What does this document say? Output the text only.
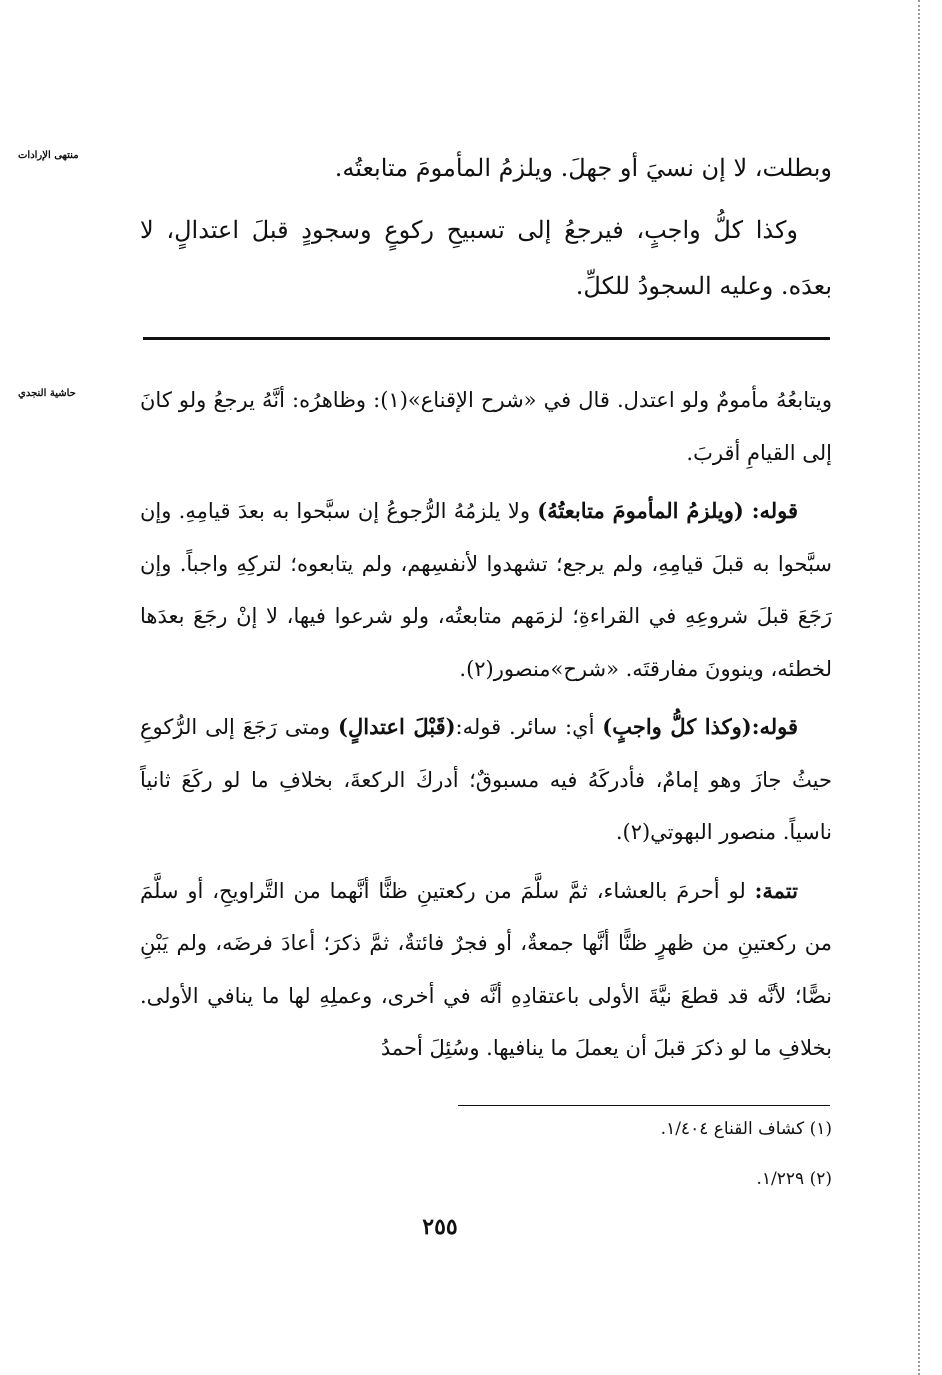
منتهى الإرادات
حاشية النجدي

وبطلت، لا إن نسيَ أو جهلَ. ويلزمُ المأمومَ متابعتُه.

وكذا كلُّ واجبٍ، فيرجعُ إلى تسبيحِ ركوعٍ وسجودٍ قبلَ اعتدالٍ، لا بعدَه. وعليه السجودُ للكلِّ.

ويتابعُهُ مأمومٌ ولو اعتدل. قال في «شرح الإقناع»(١): وظاهرُه: أنَّهُ يرجعُ ولو كانَ إلى القيامِ أقربَ.

قوله: (ويلزمُ المأمومَ متابعتُهُ) ولا يلزمُهُ الرُّجوعُ إن سبَّحوا به بعدَ قيامِهِ. وإن سبَّحوا به قبلَ قيامِهِ، ولم يرجع؛ تشهدوا لأنفسِهم، ولم يتابعوه؛ لتركِهِ واجباً. وإن رَجَعَ قبلَ شروعِهِ في القراءةِ؛ لزمَهم متابعتُه، ولو شرعوا فيها، لا إنْ رجَعَ بعدَها لخطئه، وينوونَ مفارقتَه. «شرح»منصور(٢).

قوله:(وكذا كلُّ واجبٍ) أي: سائر. قوله:(قَبْلَ اعتدالٍ) ومتى رَجَعَ إلى الرُّكوعِ حيثُ جازَ وهو إمامٌ، فأدركَهُ فيه مسبوقٌ؛ أدركَ الركعةَ، بخلافِ ما لو ركَعَ ثانياً ناسياً. منصور البهوتي(٢).

تتمة: لو أحرمَ بالعشاء، ثمَّ سلَّمَ من ركعتينِ ظنًّا أنَّهما من التَّراويحِ، أو سلَّمَ من ركعتينِ من ظهرٍ ظنًّا أنَّها جمعةٌ، أو فجرٌ فائتةٌ، ثمَّ ذكرَ؛ أعادَ فرضَه، ولم يَبْنِ نصًّا؛ لأنَّه قد قطعَ نيَّةَ الأولى باعتقادِهِ أنَّه في أخرى، وعملِهِ لها ما ينافي الأولى. بخلافِ ما لو ذكرَ قبلَ أن يعملَ ما ينافيها. وسُئِلَ أحمدُ

(١) كشاف القناع ١/٤٠٤.
(٢) ١/٢٢٩.
٢٥٥
